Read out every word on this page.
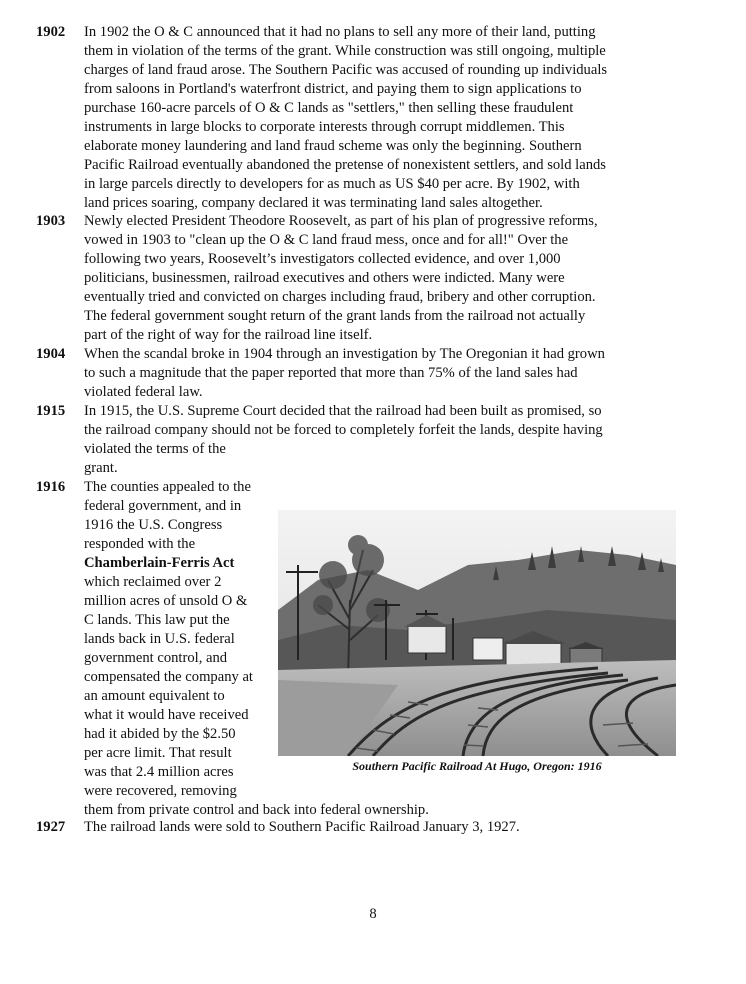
1902	In 1902 the O & C announced that it had no plans to sell any more of their land, putting
them in violation of the terms of the grant. While construction was still ongoing, multiple
charges of land fraud arose. The Southern Pacific was accused of rounding up individuals
from saloons in Portland's waterfront district, and paying them to sign applications to
purchase 160-acre parcels of O & C lands as "settlers," then selling these fraudulent
instruments in large blocks to corporate interests through corrupt middlemen. This
elaborate money laundering and land fraud scheme was only the beginning. Southern
Pacific Railroad eventually abandoned the pretense of nonexistent settlers, and sold lands
in large parcels directly to developers for as much as US $40 per acre. By 1902, with
land prices soaring, company declared it was terminating land sales altogether.
1903	Newly elected President Theodore Roosevelt, as part of his plan of progressive reforms,
vowed in 1903 to "clean up the O & C land fraud mess, once and for all!" Over the
following two years, Roosevelt’s investigators collected evidence, and over 1,000
politicians, businessmen, railroad executives and others were indicted. Many were
eventually tried and convicted on charges including fraud, bribery and other corruption.
The federal government sought return of the grant lands from the railroad not actually
part of the right of way for the railroad line itself.
1904	When the scandal broke in 1904 through an investigation by The Oregonian it had grown
to such a magnitude that the paper reported that more than 75% of the land sales had
violated federal law.
1915	In 1915, the U.S. Supreme Court decided that the railroad had been built as promised, so
the railroad company should not be forced to completely forfeit the lands, despite having
violated the terms of the
grant.
1916	The counties appealed to the
federal government, and in
1916 the U.S. Congress
responded with the
Chamberlain-Ferris Act
which reclaimed over 2
million acres of unsold O &
C lands. This law put the
lands back in U.S. federal
government control, and
compensated the company at
an amount equivalent to
what it would have received
had it abided by the $2.50
per acre limit. That result
was that 2.4 million acres
were recovered, removing
them from private control and back into federal ownership.
Southern Pacific Railroad At Hugo, Oregon: 1916
1927	The railroad lands were sold to Southern Pacific Railroad January 3, 1927.
8
